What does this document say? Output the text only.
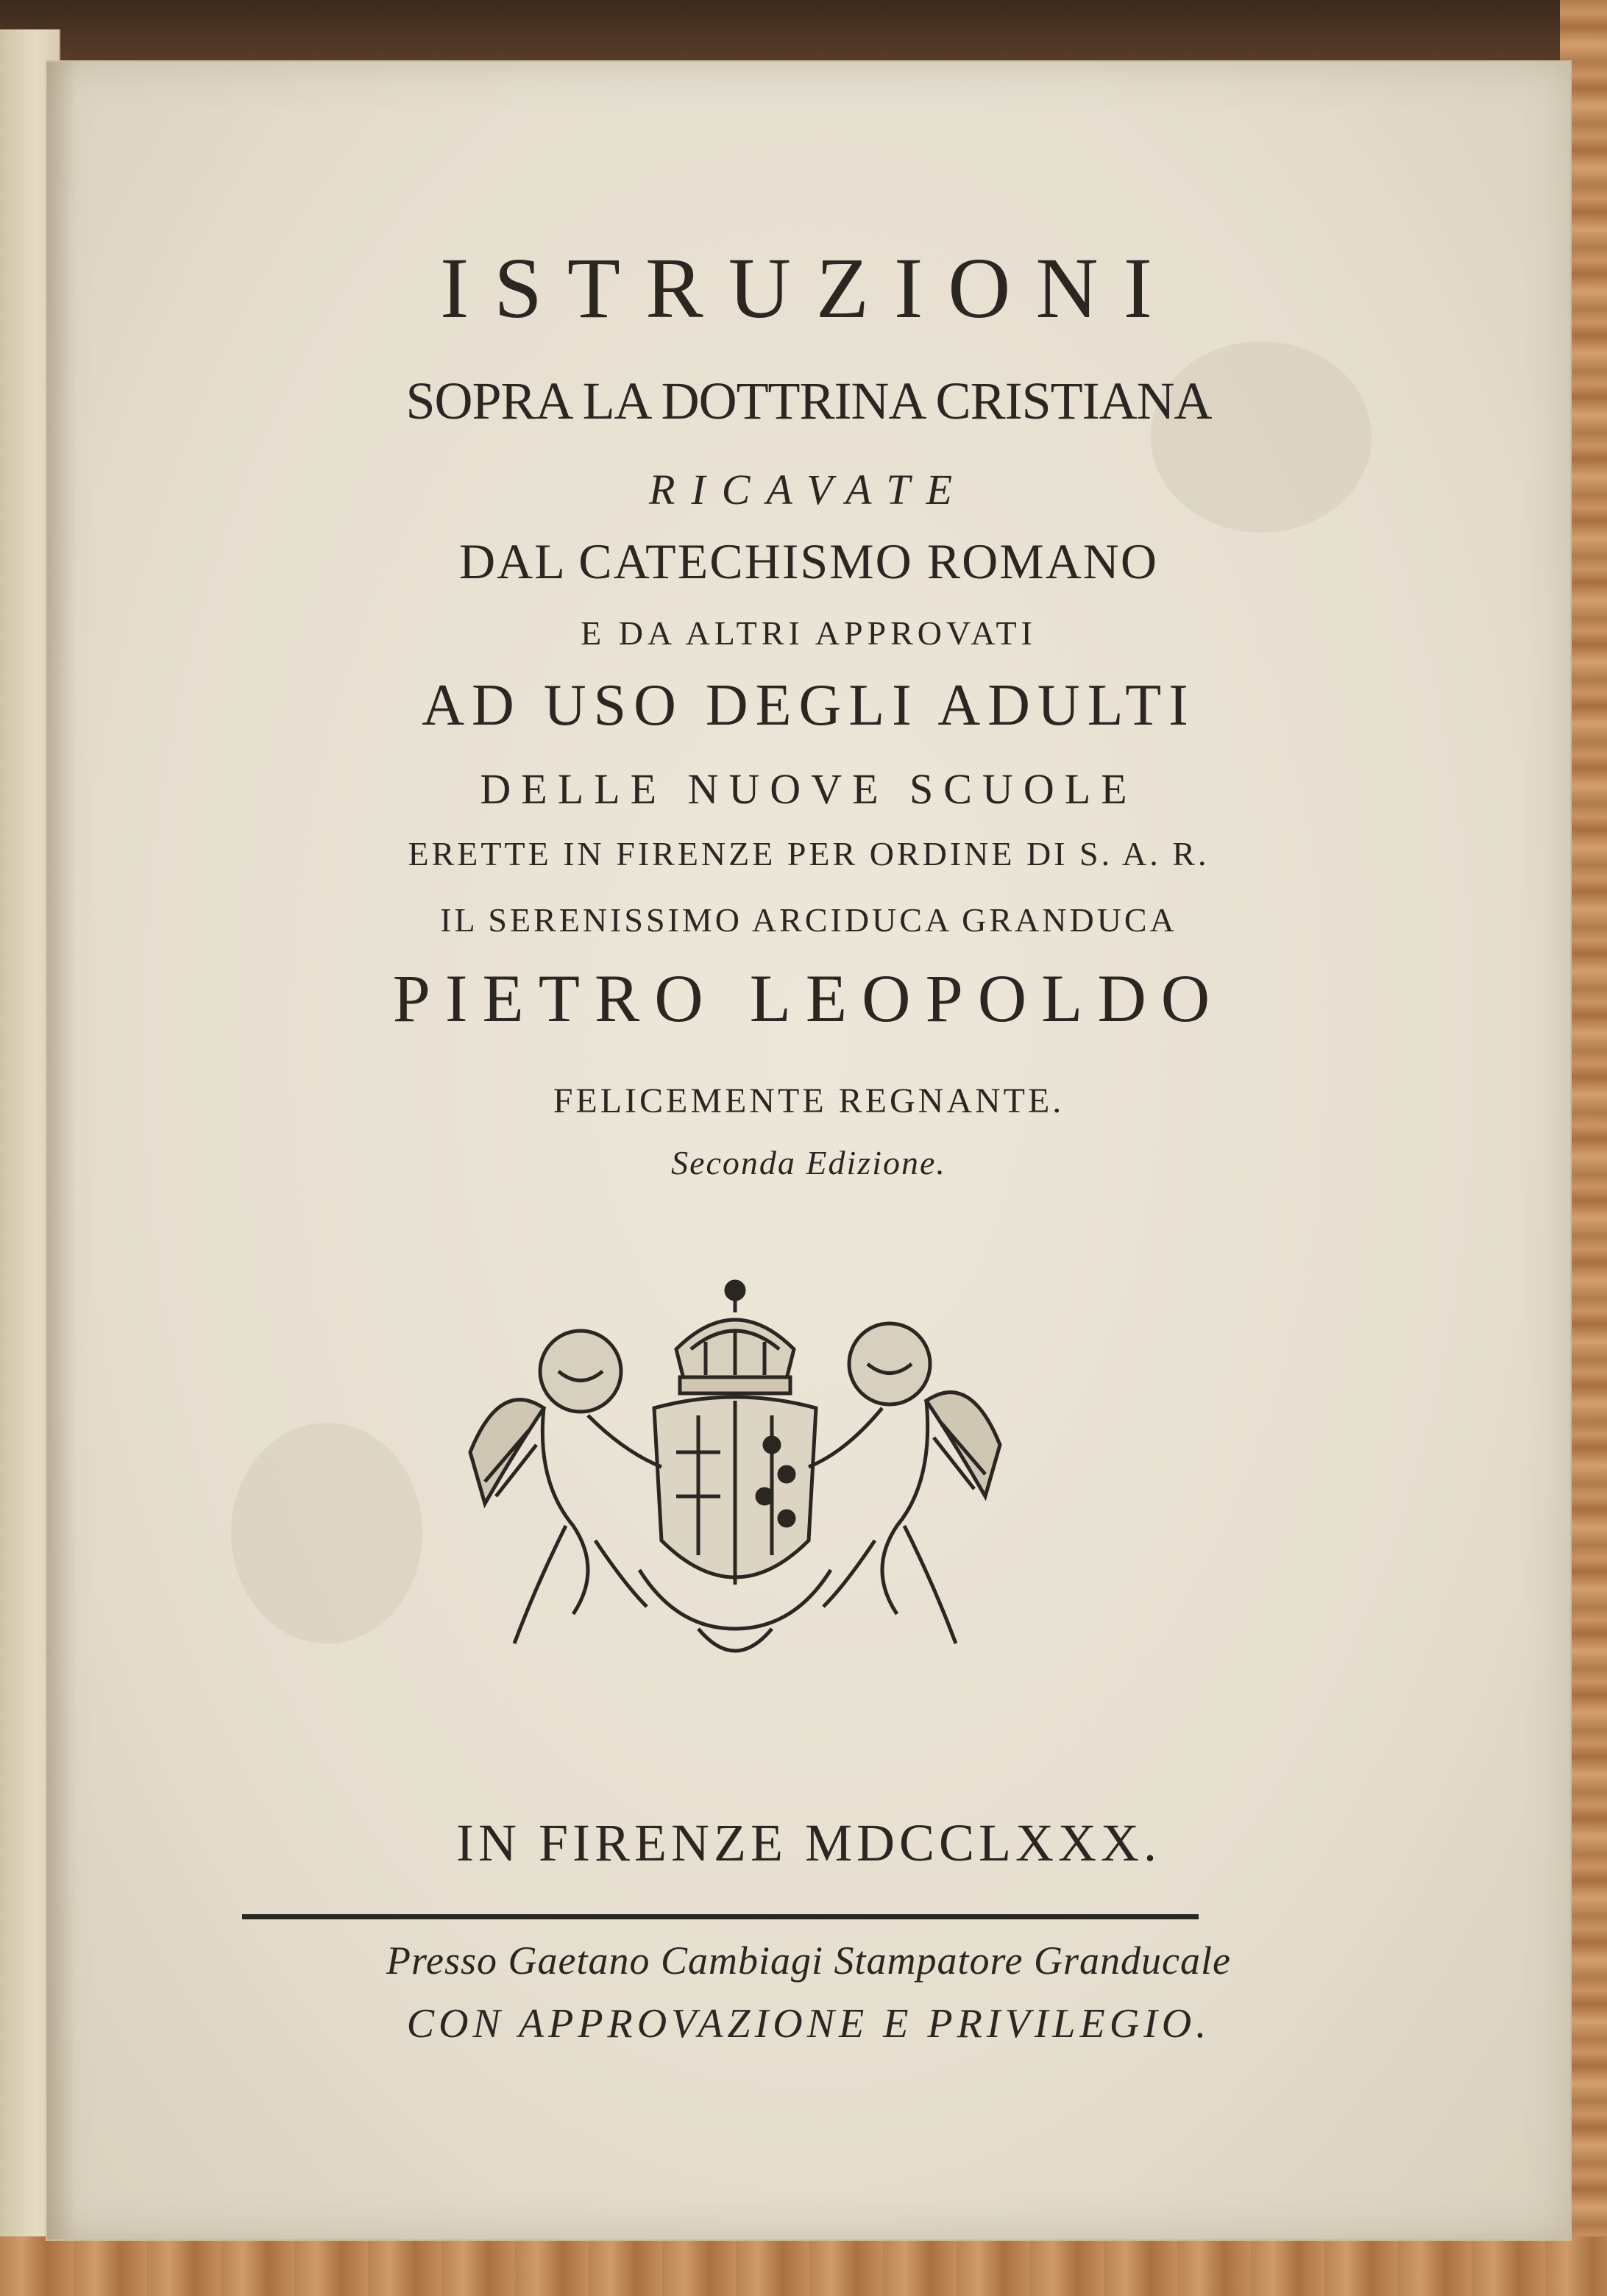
ISTRUZIONI
SOPRA LA DOTTRINA CRISTIANA
RICAVATE
DAL CATECHISMO ROMANO
E DA ALTRI APPROVATI
AD USO DEGLI ADULTI
DELLE NUOVE SCUOLE
ERETTE IN FIRENZE PER ORDINE DI S. A. R.
IL SERENISSIMO ARCIDUCA GRANDUCA
PIETRO LEOPOLDO
FELICEMENTE REGNANTE.
Seconda Edizione.
IN FIRENZE MDCCLXXX.
Presso Gaetano Cambiagi Stampatore Granducale
CON APPROVAZIONE E PRIVILEGIO.
